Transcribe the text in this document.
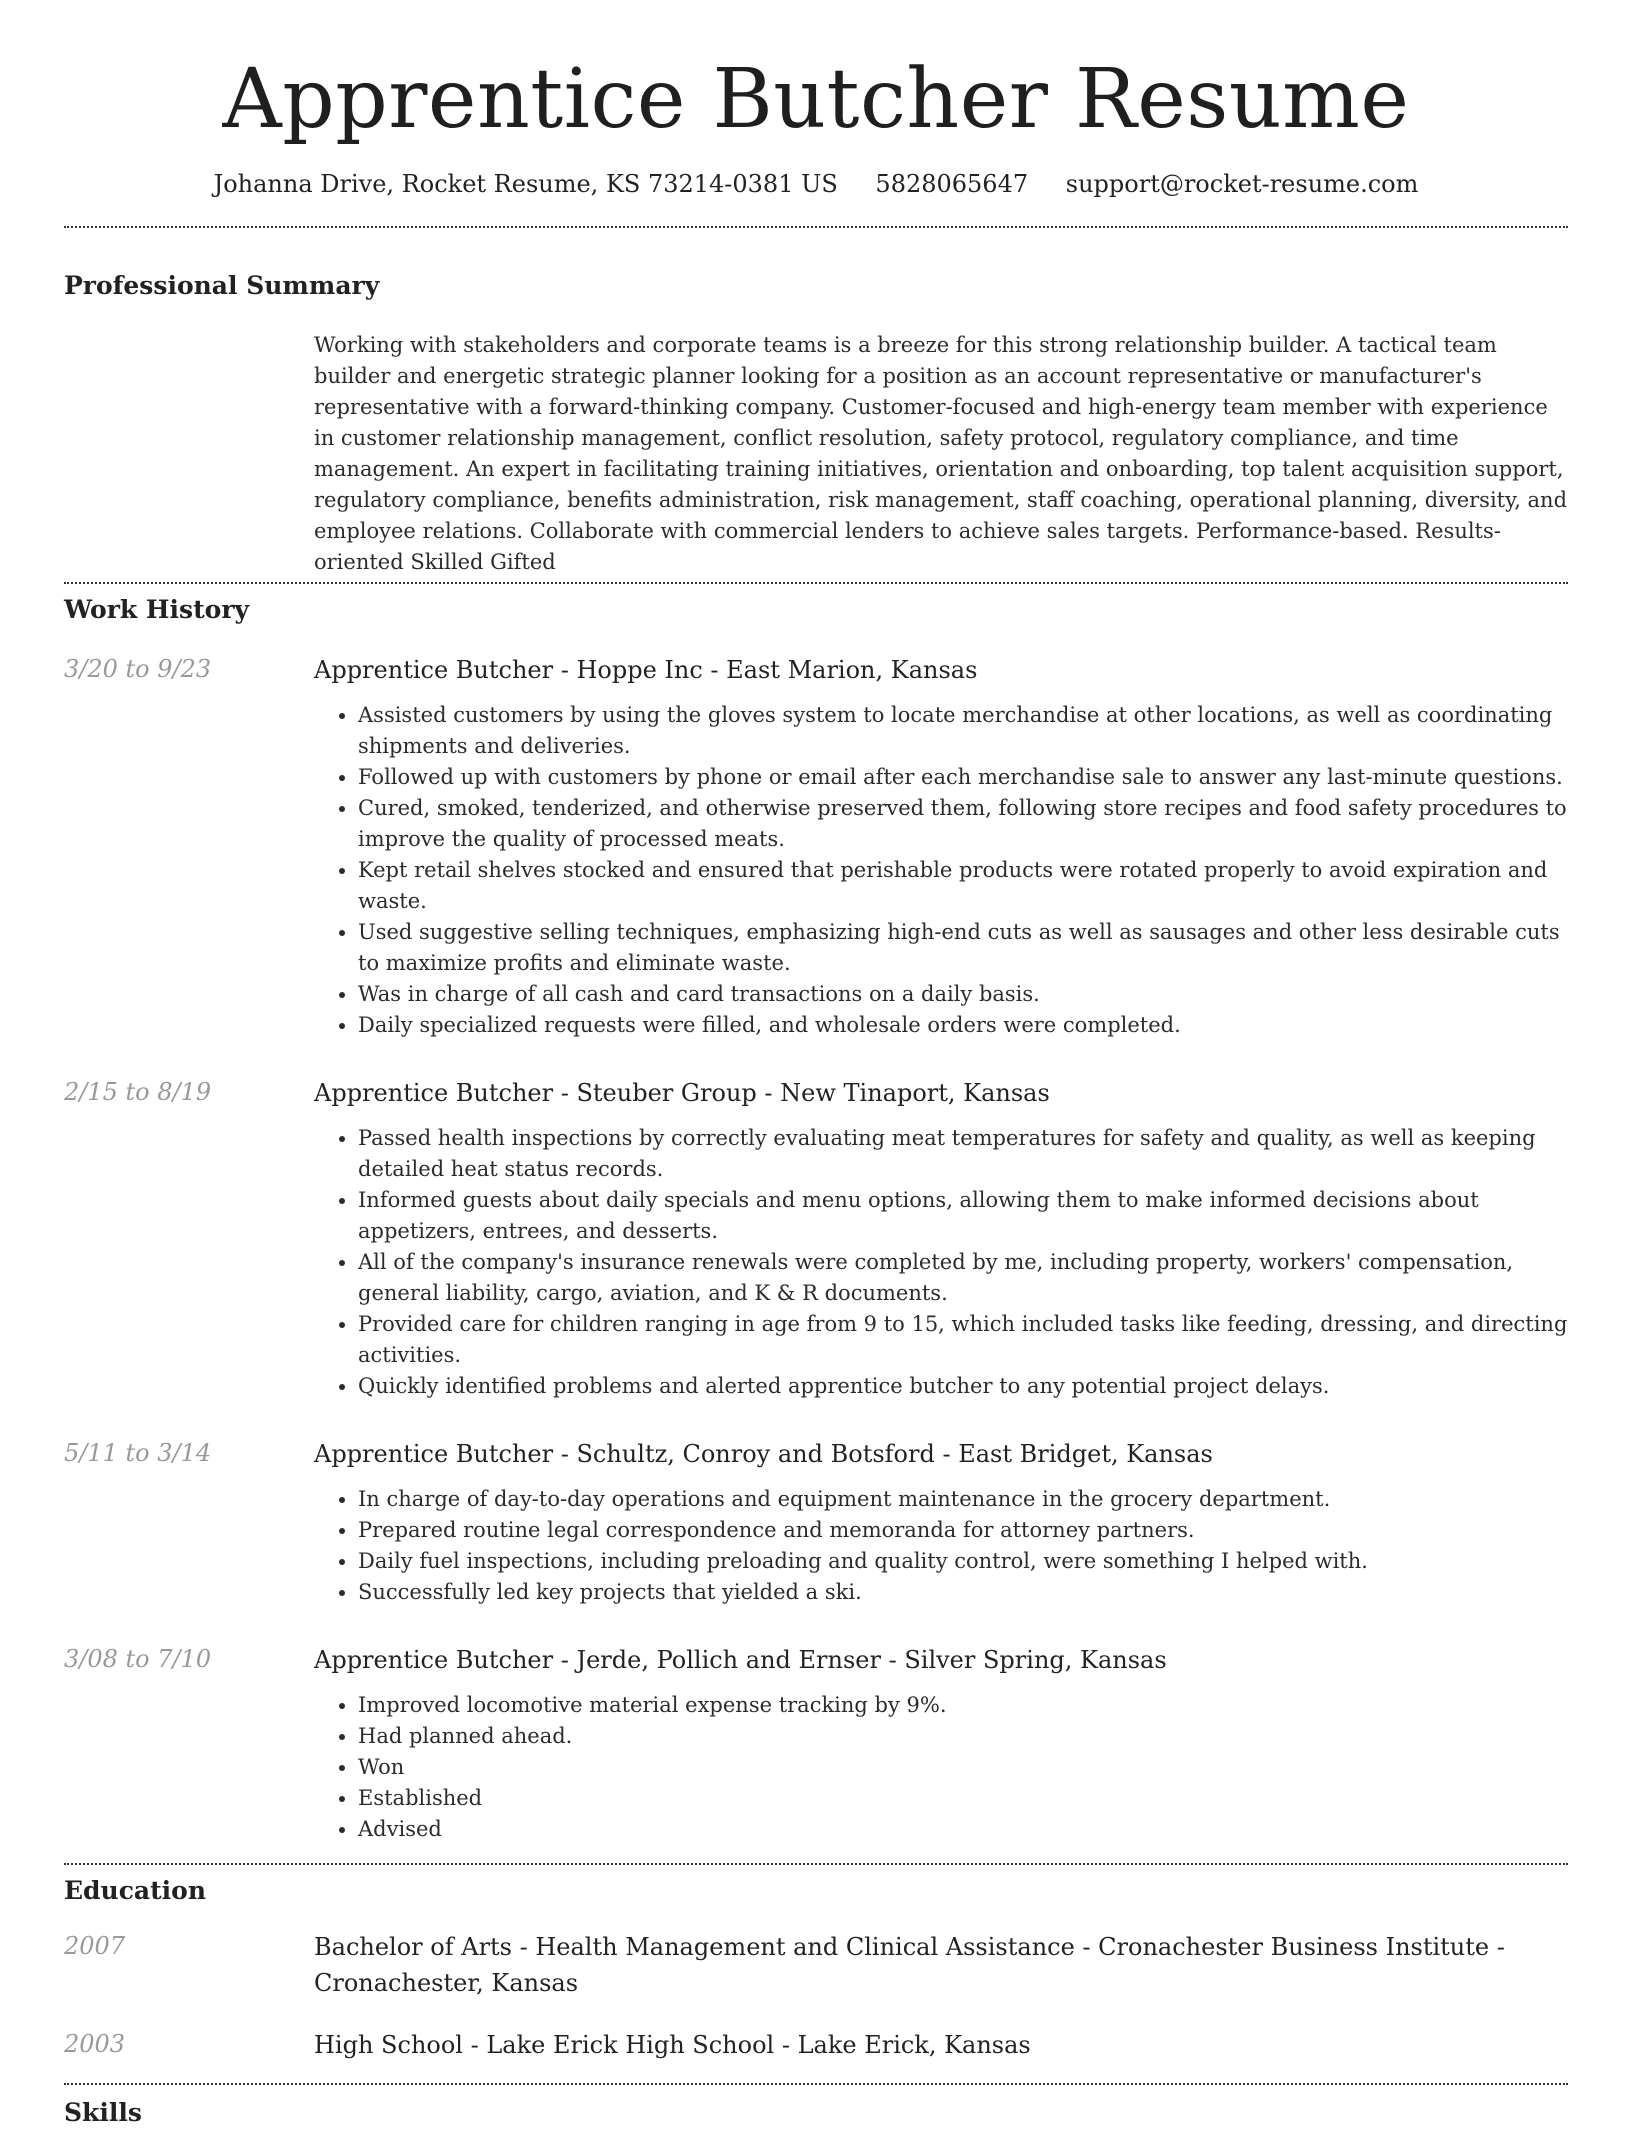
Apprentice Butcher Resume
Johanna Drive, Rocket Resume, KS 73214-0381 US 5828065647 support@rocket-resume.com
Professional Summary

Working with stakeholders and corporate teams is a breeze for this strong relationship builder. A tactical team builder and energetic strategic planner looking for a position as an account representative or manufacturer's representative with a forward-thinking company. Customer-focused and high-energy team member with experience in customer relationship management, conflict resolution, safety protocol, regulatory compliance, and time management. An expert in facilitating training initiatives, orientation and onboarding, top talent acquisition support, regulatory compliance, benefits administration, risk management, staff coaching, operational planning, diversity, and employee relations. Collaborate with commercial lenders to achieve sales targets. Performance-based. Results-oriented Skilled Gifted

Work History
3/20 to 9/23	Apprentice Butcher - Hoppe Inc - East Marion, Kansas
• Assisted customers by using the gloves system to locate merchandise at other locations, as well as coordinating shipments and deliveries.
• Followed up with customers by phone or email after each merchandise sale to answer any last-minute questions.
• Cured, smoked, tenderized, and otherwise preserved them, following store recipes and food safety procedures to improve the quality of processed meats.
• Kept retail shelves stocked and ensured that perishable products were rotated properly to avoid expiration and waste.
• Used suggestive selling techniques, emphasizing high-end cuts as well as sausages and other less desirable cuts to maximize profits and eliminate waste.
• Was in charge of all cash and card transactions on a daily basis.
• Daily specialized requests were filled, and wholesale orders were completed.
2/15 to 8/19	Apprentice Butcher - Steuber Group - New Tinaport, Kansas
• Passed health inspections by correctly evaluating meat temperatures for safety and quality, as well as keeping detailed heat status records.
• Informed guests about daily specials and menu options, allowing them to make informed decisions about appetizers, entrees, and desserts.
• All of the company's insurance renewals were completed by me, including property, workers' compensation, general liability, cargo, aviation, and K & R documents.
• Provided care for children ranging in age from 9 to 15, which included tasks like feeding, dressing, and directing activities.
• Quickly identified problems and alerted apprentice butcher to any potential project delays.
5/11 to 3/14	Apprentice Butcher - Schultz, Conroy and Botsford - East Bridget, Kansas
• In charge of day-to-day operations and equipment maintenance in the grocery department.
• Prepared routine legal correspondence and memoranda for attorney partners.
• Daily fuel inspections, including preloading and quality control, were something I helped with.
• Successfully led key projects that yielded a ski.
3/08 to 7/10	Apprentice Butcher - Jerde, Pollich and Ernser - Silver Spring, Kansas
• Improved locomotive material expense tracking by 9%.
• Had planned ahead.
• Won
• Established
• Advised
Education
2007	Bachelor of Arts - Health Management and Clinical Assistance - Cronachester Business Institute - Cronachester, Kansas
2003	High School - Lake Erick High School - Lake Erick, Kansas
Skills
